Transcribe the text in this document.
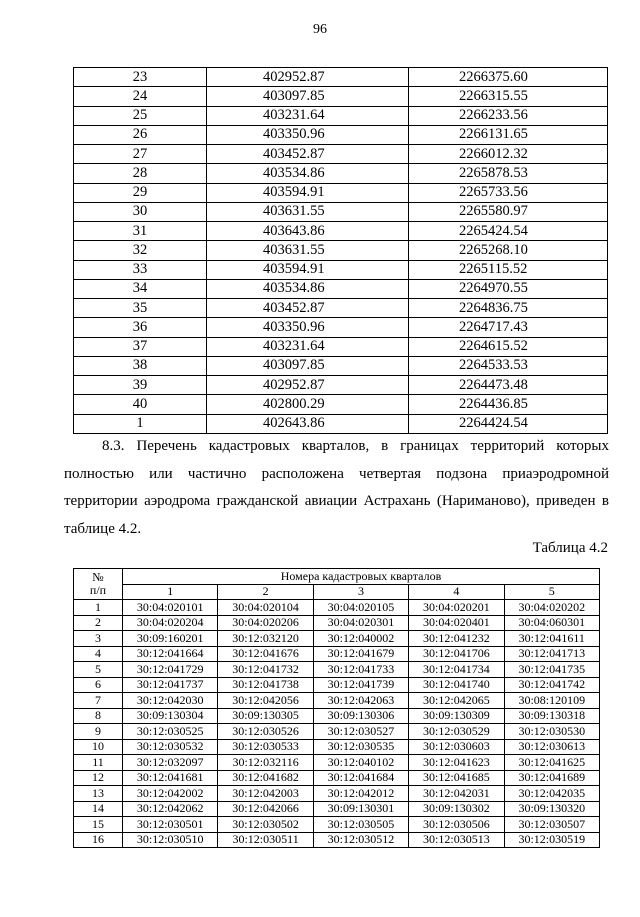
96
23	402952.87	2266375.60
24	403097.85	2266315.55
25	403231.64	2266233.56
26	403350.96	2266131.65
27	403452.87	2266012.32
28	403534.86	2265878.53
29	403594.91	2265733.56
30	403631.55	2265580.97
31	403643.86	2265424.54
32	403631.55	2265268.10
33	403594.91	2265115.52
34	403534.86	2264970.55
35	403452.87	2264836.75
36	403350.96	2264717.43
37	403231.64	2264615.52
38	403097.85	2264533.53
39	402952.87	2264473.48
40	402800.29	2264436.85
1	402643.86	2264424.54

8.3. Перечень кадастровых кварталов, в границах территорий которых полностью или частично расположена четвертая подзона приаэродромной территории аэродрома гражданской авиации Астрахань (Нариманово), приведен в таблице 4.2.

Таблица 4.2
№
п/п	Номера кадастровых кварталов				
	1	2	3	4	5
1	30:04:020101	30:04:020104	30:04:020105	30:04:020201	30:04:020202
2	30:04:020204	30:04:020206	30:04:020301	30:04:020401	30:04:060301
3	30:09:160201	30:12:032120	30:12:040002	30:12:041232	30:12:041611
4	30:12:041664	30:12:041676	30:12:041679	30:12:041706	30:12:041713
5	30:12:041729	30:12:041732	30:12:041733	30:12:041734	30:12:041735
6	30:12:041737	30:12:041738	30:12:041739	30:12:041740	30:12:041742
7	30:12:042030	30:12:042056	30:12:042063	30:12:042065	30:08:120109
8	30:09:130304	30:09:130305	30:09:130306	30:09:130309	30:09:130318
9	30:12:030525	30:12:030526	30:12:030527	30:12:030529	30:12:030530
10	30:12:030532	30:12:030533	30:12:030535	30:12:030603	30:12:030613
11	30:12:032097	30:12:032116	30:12:040102	30:12:041623	30:12:041625
12	30:12:041681	30:12:041682	30:12:041684	30:12:041685	30:12:041689
13	30:12:042002	30:12:042003	30:12:042012	30:12:042031	30:12:042035
14	30:12:042062	30:12:042066	30:09:130301	30:09:130302	30:09:130320
15	30:12:030501	30:12:030502	30:12:030505	30:12:030506	30:12:030507
16	30:12:030510	30:12:030511	30:12:030512	30:12:030513	30:12:030519
